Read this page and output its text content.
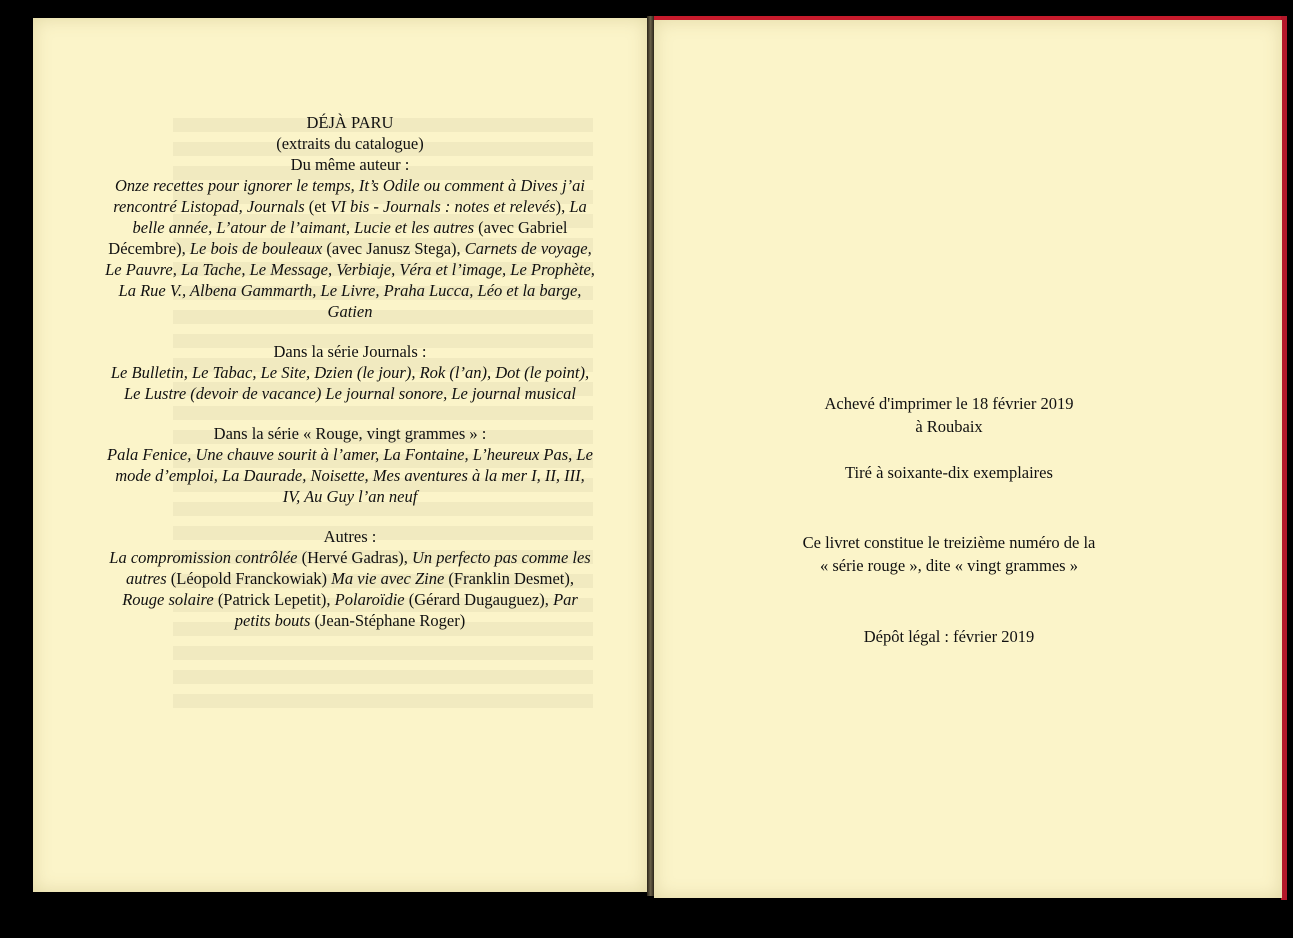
DÉJÀ PARU
(extraits du catalogue)
Du même auteur :
Onze recettes pour ignorer le temps, It’s Odile ou comment à Dives j’ai rencontré Listopad, Journals (et VI bis - Journals : notes et relevés), La belle année, L’atour de l’aimant, Lucie et les autres (avec Gabriel Décembre), Le bois de bouleaux (avec Janusz Stega), Carnets de voyage, Le Pauvre, La Tache, Le Message, Verbiaje, Véra et l’image, Le Prophète, La Rue V., Albena Gammarth, Le Livre, Praha Lucca, Léo et la barge, Gatien
Dans la série Journals :
Le Bulletin, Le Tabac, Le Site, Dzien (le jour), Rok (l’an), Dot (le point), Le Lustre (devoir de vacance) Le journal sonore, Le journal musical
Dans la série « Rouge, vingt grammes » :
Pala Fenice, Une chauve sourit à l’amer, La Fontaine, L’heureux Pas, Le mode d’emploi, La Daurade, Noisette, Mes aventures à la mer I, II, III, IV, Au Guy l’an neuf
Autres :
La compromission contrôlée (Hervé Gadras), Un perfecto pas comme les autres (Léopold Franckowiak) Ma vie avec Zine (Franklin Desmet), Rouge solaire (Patrick Lepetit), Polaroïdie (Gérard Dugauguez), Par petits bouts (Jean-Stéphane Roger)

Achevé d'imprimer le 18 février 2019

à Roubaix

Tiré à soixante-dix exemplaires

Ce livret constitue le treizième numéro de la

« série rouge », dite « vingt grammes »

Dépôt légal : février 2019
